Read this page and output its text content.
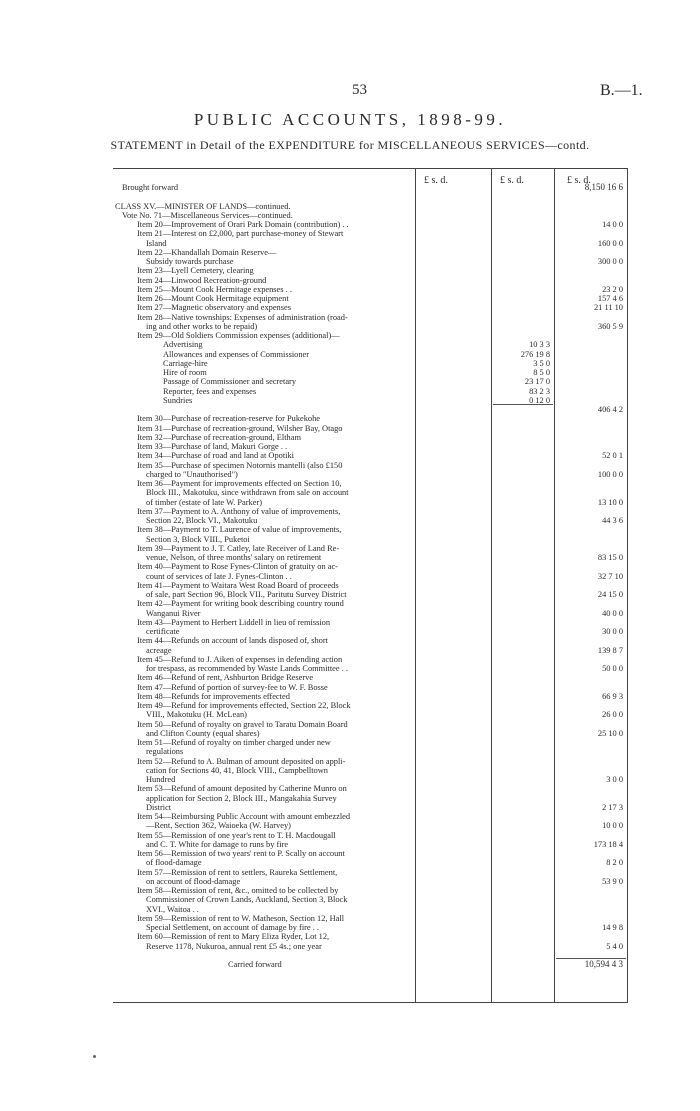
53	B.—1.
PUBLIC ACCOUNTS, 1898-99.
STATEMENT in Detail of the EXPENDITURE for MISCELLANEOUS SERVICES—contd.
£ s. d.	£ s. d.	£ s. d.
Brought forward	8,150 16 6
CLASS XV.—MINISTER OF LANDS—continued.
Vote No. 71—Miscellaneous Services—continued.
Item 20—Improvement of Orari Park Domain (contribution) . .	14 0 0
Item 21—Interest on £2,000, part purchase-money of Stewart
Island	160 0 0
Item 22—Khandallah Domain Reserve—
Subsidy towards purchase	300 0 0
Item 23—Lyell Cemetery, clearing
Item 24—Linwood Recreation-ground
Item 25—Mount Cook Hermitage expenses . .	23 2 0
Item 26—Mount Cook Hermitage equipment	157 4 6
Item 27—Magnetic observatory and expenses	21 11 10
Item 28—Native townships: Expenses of administration (road-
ing and other works to be repaid)	360 5 9
Item 29—Old Soldiers Commission expenses (additional)—
Advertising	10 3 3
Allowances and expenses of Commissioner	276 19 8
Carriage-hire	3 5 0
Hire of room	8 5 0
Passage of Commissioner and secretary	23 17 0
Reporter, fees and expenses	83 2 3
Sundries	0 12 0
406 4 2
Item 30—Purchase of recreation-reserve for Pukekohe
Item 31—Purchase of recreation-ground, Wilsher Bay, Otago
Item 32—Purchase of recreation-ground, Eltham
Item 33—Purchase of land, Makuri Gorge . .
Item 34—Purchase of road and land at Opotiki	52 0 1
Item 35—Purchase of specimen Notornis mantelli (also £150
charged to "Unauthorised")	100 0 0
Item 36—Payment for improvements effected on Section 10,
Block III., Makotuku, since withdrawn from sale on account
of timber (estate of late W. Parker)	13 10 0
Item 37—Payment to A. Anthony of value of improvements,
Section 22, Block VI., Makotuku	44 3 6
Item 38—Payment to T. Laurence of value of improvements,
Section 3, Block VIII., Puketoi
Item 39—Payment to J. T. Catley, late Receiver of Land Re-
venue, Nelson, of three months' salary on retirement	83 15 0
Item 40—Payment to Rose Fynes-Clinton of gratuity on ac-
count of services of late J. Fynes-Clinton . .	32 7 10
Item 41—Payment to Waitara West Road Board of proceeds
of sale, part Section 96, Block VII., Paritutu Survey District	24 15 0
Item 42—Payment for writing book describing country round
Wanganui River	40 0 0
Item 43—Payment to Herbert Liddell in lieu of remission
certificate	30 0 0
Item 44—Refunds on account of lands disposed of, short
acreage	139 8 7
Item 45—Refund to J. Aiken of expenses in defending action
for trespass, as recommended by Waste Lands Committee . .	50 0 0
Item 46—Refund of rent, Ashburton Bridge Reserve
Item 47—Refund of portion of survey-fee to W. F. Bosse
Item 48—Refunds for improvements effected	66 9 3
Item 49—Refund for improvements effected, Section 22, Block
VIII., Makotuku (H. McLean)	26 0 0
Item 50—Refund of royalty on gravel to Taratu Domain Board
and Clifton County (equal shares)	25 10 0
Item 51—Refund of royalty on timber charged under new
regulations
Item 52—Refund to A. Bulman of amount deposited on appli-
cation for Sections 40, 41, Block VIII., Campbelltown
Hundred	3 0 0
Item 53—Refund of amount deposited by Catherine Munro on
application for Section 2, Block III., Mangakahia Survey
District	2 17 3
Item 54—Reimbursing Public Account with amount embezzled
—Rent, Section 362, Waioeka (W. Harvey)	10 0 0
Item 55—Remission of one year's rent to T. H. Macdougall
and C. T. White for damage to runs by fire	173 18 4
Item 56—Remission of two years' rent to P. Scally on account
of flood-damage	8 2 0
Item 57—Remission of rent to settlers, Raureka Settlement,
on account of flood-damage	53 9 0
Item 58—Remission of rent, &c., omitted to be collected by
Commissioner of Crown Lands, Auckland, Section 3, Block
XVI., Waitoa . .
Item 59—Remission of rent to W. Matheson, Section 12, Hall
Special Settlement, on account of damage by fire . .	14 9 8
Item 60—Remission of rent to Mary Eliza Ryder, Lot 12,
Reserve 1178, Nukuroa, annual rent £5 4s.; one year	5 4 0
Carried forward	10,594 4 3
